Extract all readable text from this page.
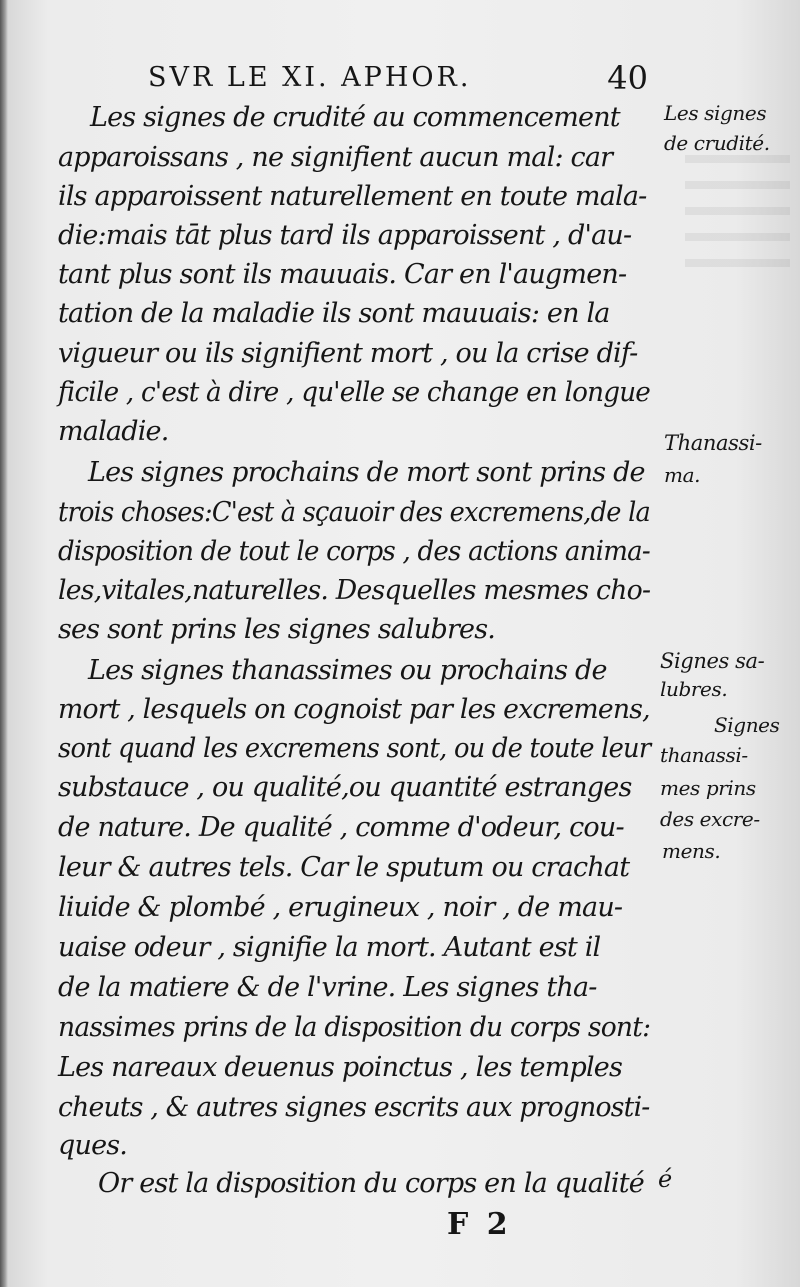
SVR LE XI. APHOR.	40
Les signes de crudité au commencement
apparoissans , ne signifient aucun mal: car
ils apparoissent naturellement en toute mala-
die:mais tāt plus tard ils apparoissent , d'au-
tant plus sont ils mauuais. Car en l'augmen-
tation de la maladie ils sont mauuais: en la
vigueur ou ils signifient mort , ou la crise dif-
ficile , c'est à dire , qu'elle se change en longue
maladie.
Les signes prochains de mort sont prins de
trois choses:C'est à sçauoir des excremens,de la
disposition de tout le corps , des actions anima-
les,vitales,naturelles. Desquelles mesmes cho-
ses sont prins les signes salubres.
Les signes thanassimes ou prochains de
mort , lesquels on cognoist par les excremens,
sont quand les excremens sont, ou de toute leur
substauce , ou qualité,ou quantité estranges
de nature. De qualité , comme d'odeur, cou-
leur & autres tels. Car le sputum ou crachat
liuide & plombé , erugineux , noir , de mau-
uaise odeur , signifie la mort. Autant est il
de la matiere & de l'vrine. Les signes tha-
nassimes prins de la disposition du corps sont:
Les nareaux deuenus poinctus , les temples
cheuts , & autres signes escrits aux prognosti-
ques.
Or est la disposition du corps en la qualité
Les signes
de crudité.
Thanassi-
ma.
Signes sa-
lubres.
Signes
thanassi-
mes prins
des excre-
mens.
é
F 2
